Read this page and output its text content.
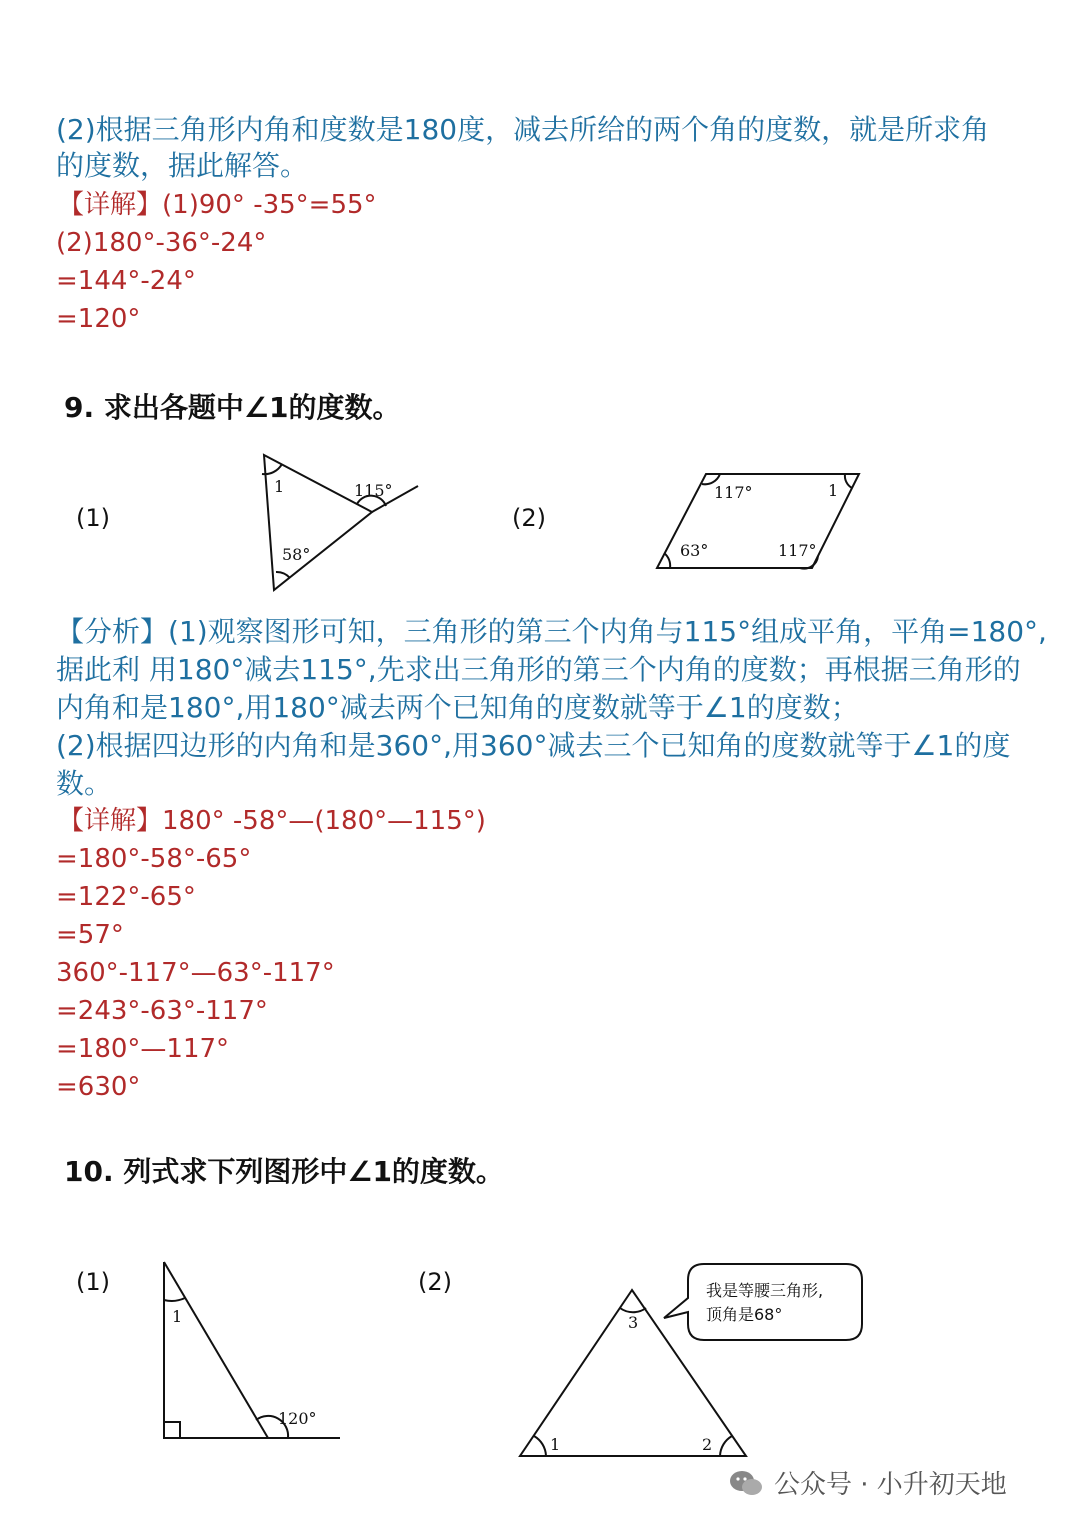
(2)根据三角形内角和度数是180度，减去所给的两个角的度数，就是所求角
的度数，据此解答。
【详解】(1)90° -35°=55°
(2)180°-36°-24°
=144°-24°
=120°
9. 求出各题中∠1的度数。
(1)	(2)
1	115°
58°
117°	1
63°	117°
1
120°
3
1	2
我是等腰三角形,
顶角是68°
【分析】(1)观察图形可知，三角形的第三个内角与115°组成平角，平角=180°,
据此利 用180°减去115°,先求出三角形的第三个内角的度数；再根据三角形的
内角和是180°,用180°减去两个已知角的度数就等于∠1的度数；
(2)根据四边形的内角和是360°,用360°减去三个已知角的度数就等于∠1的度
数。
【详解】180° -58°—(180°—115°)
=180°-58°-65°
=122°-65°
=57°
360°-117°—63°-117°
=243°-63°-117°
=180°—117°
=630°
10. 列式求下列图形中∠1的度数。
(1)	(2)
公众号 · 小升初天地
